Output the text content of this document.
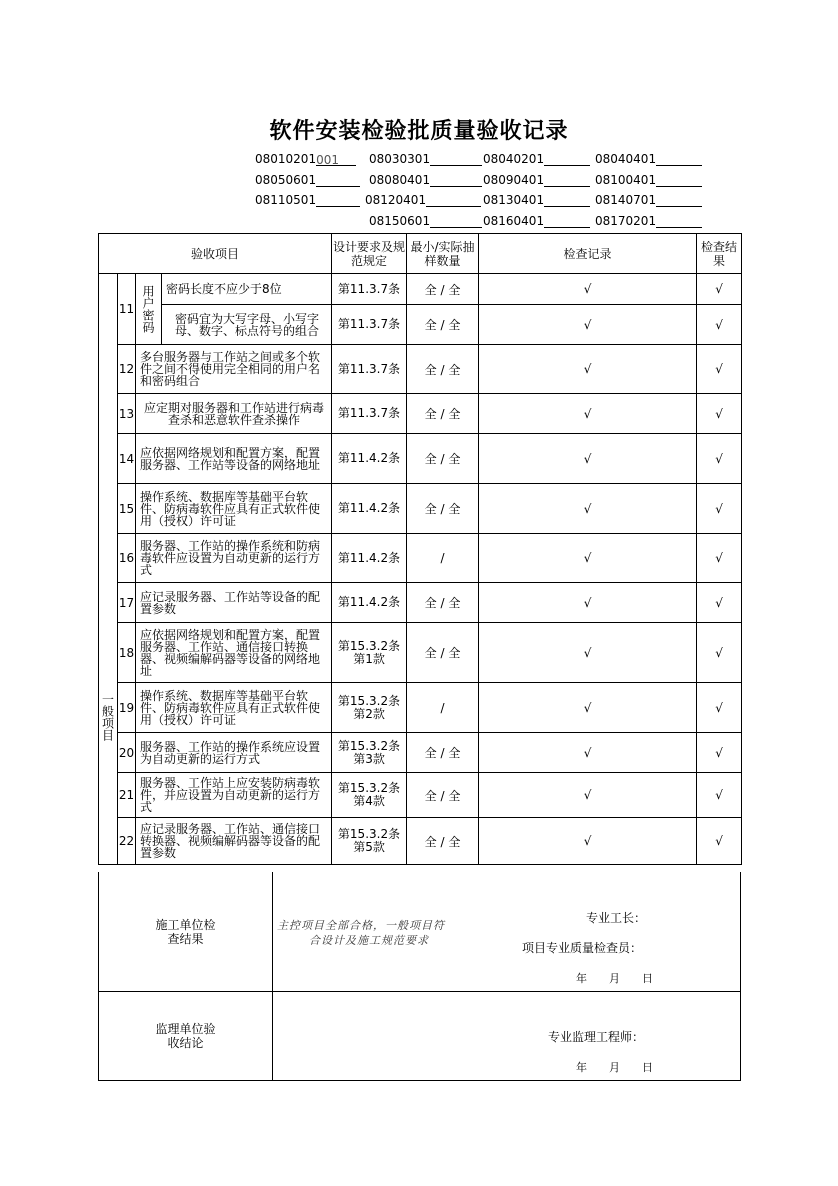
软件安装检验批质量验收记录
08010201001	08030301	08040201	08040401
08050601	08080401	08090401	08100401
08110501	08120401	08130401	08140701
08150601	08160401	08170201
验收项目				设计要求及规范规定	最小/实际抽样数量	检查记录	检查结果

一般项目	11	用户密码	密码长度不应少于8位	第11.3.7条	全 / 全	√	√
			密码宜为大写字母、小写字母、数字、标点符号的组合	第11.3.7条	全 / 全	√	√
	12	多台服务器与工作站之间或多个软件之间不得使用完全相同的用户名和密码组合		第11.3.7条	全 / 全	√	√
	13	应定期对服务器和工作站进行病毒查杀和恶意软件查杀操作		第11.3.7条	全 / 全	√	√
	14	应依据网络规划和配置方案，配置服务器、工作站等设备的网络地址		第11.4.2条	全 / 全	√	√
	15	操作系统、数据库等基础平台软件、防病毒软件应具有正式软件使用（授权）许可证		第11.4.2条	全 / 全	√	√
	16	服务器、工作站的操作系统和防病毒软件应设置为自动更新的运行方式		第11.4.2条	/	√	√
	17	应记录服务器、工作站等设备的配置参数		第11.4.2条	全 / 全	√	√
	18	应依据网络规划和配置方案，配置服务器、工作站、通信接口转换器、视频编解码器等设备的网络地址		第15.3.2条第1款	全 / 全	√	√
	19	操作系统、数据库等基础平台软件、防病毒软件应具有正式软件使用（授权）许可证		第15.3.2条第2款	/	√	√
	20	服务器、工作站的操作系统应设置为自动更新的运行方式		第15.3.2条第3款	全 / 全	√	√
	21	服务器、工作站上应安装防病毒软件，并应设置为自动更新的运行方式		第15.3.2条第4款	全 / 全	√	√
	22	应记录服务器、工作站、通信接口转换器、视频编解码器等设备的配置参数		第15.3.2条第5款	全 / 全	√	√
施工单位检查结果
主控项目全部合格，一般项目符
合设计及施工规范要求
专业工长：
项目专业质量检查员：
年　　月　　日
监理单位验收结论	专业监理工程师：
年　　月　　日
